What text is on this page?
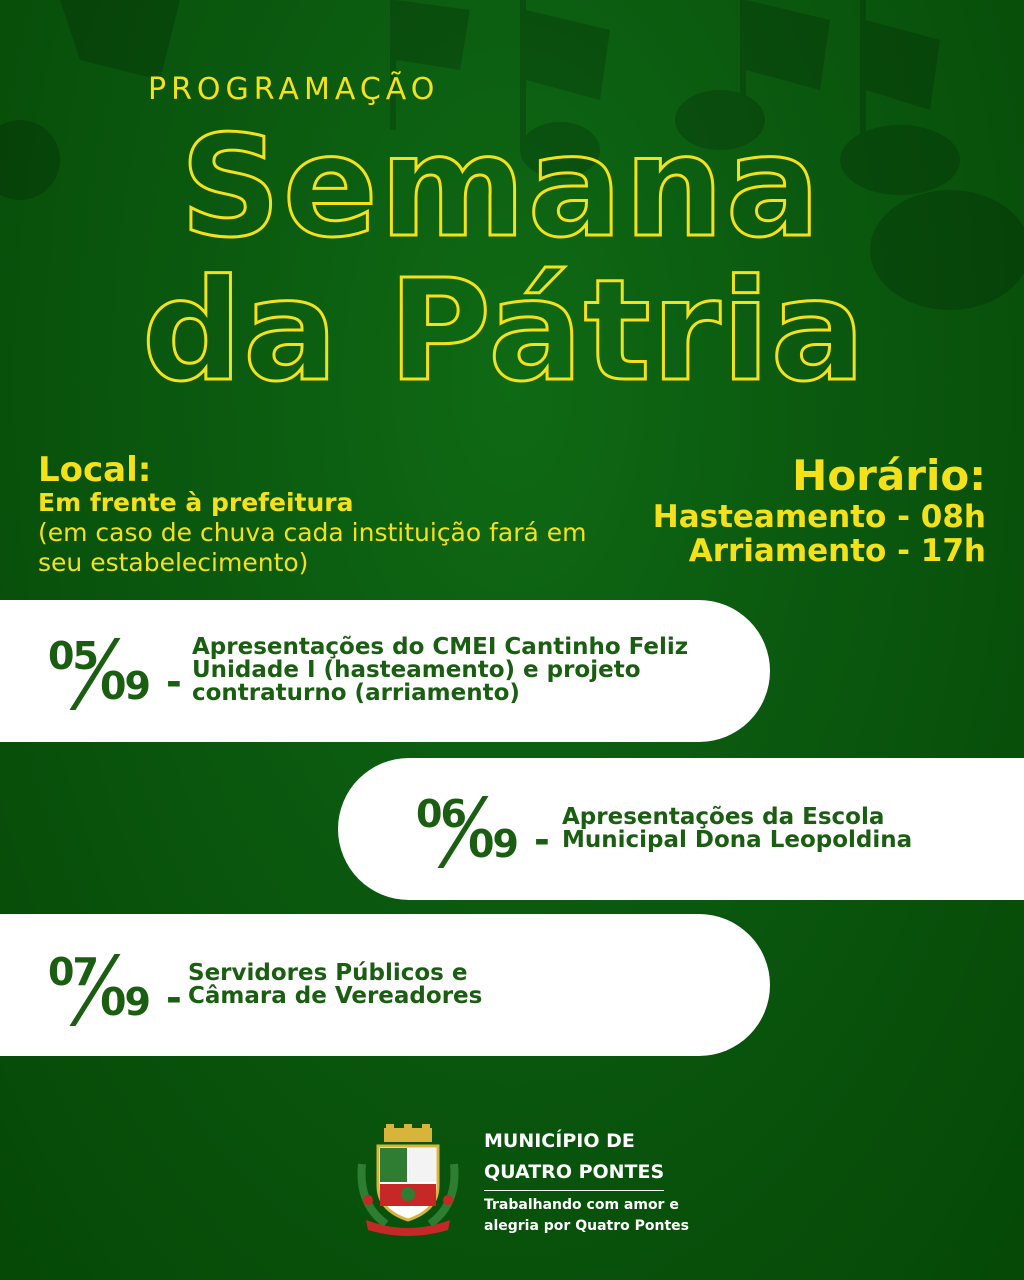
PROGRAMAÇÃO
Semana
da Pátria
Local:
Em frente à prefeitura
(em caso de chuva cada instituição fará em seu estabelecimento)
Horário:
Hasteamento - 08h
Arriamento - 17h
05
09 -
Apresentações do CMEI Cantinho Feliz
Unidade I (hasteamento) e projeto
contraturno (arriamento)
06
09 -
Apresentações da Escola
Municipal Dona Leopoldina
07
09 -
Servidores Públicos e
Câmara de Vereadores
MUNICÍPIO DE
QUATRO PONTES
Trabalhando com amor e
alegria por Quatro Pontes
